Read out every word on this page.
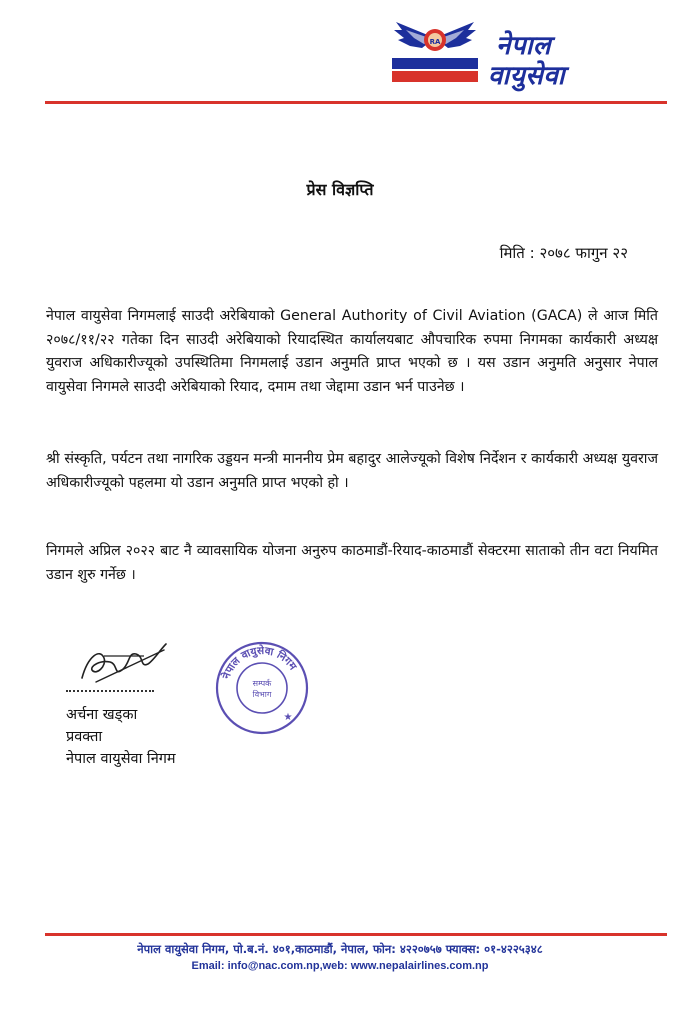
RA नेपाल
वायुसेवा
प्रेस विज्ञप्ति
मिति : २०७८ फागुन २२
नेपाल वायुसेवा निगमलाई साउदी अरेबियाको General Authority of Civil Aviation (GACA) ले आज मिति २०७८/११/२२ गतेका दिन साउदी अरेबियाको रियादस्थित कार्यालयबाट औपचारिक रुपमा निगमका कार्यकारी अध्यक्ष युवराज अधिकारीज्यूको उपस्थितिमा निगमलाई उडान अनुमति प्राप्त भएको छ । यस उडान अनुमति अनुसार नेपाल वायुसेवा निगमले साउदी अरेबियाको रियाद, दमाम तथा जेद्दामा उडान भर्न पाउनेछ ।
श्री संस्कृति, पर्यटन तथा नागरिक उड्डयन मन्त्री माननीय प्रेम बहादुर आलेज्यूको विशेष निर्देशन र कार्यकारी अध्यक्ष युवराज अधिकारीज्यूको पहलमा यो उडान अनुमति प्राप्त भएको हो ।
निगमले अप्रिल २०२२ बाट नै व्यावसायिक योजना अनुरुप काठमाडौं-रियाद-काठमाडौं सेक्टरमा साताको तीन वटा नियमित उडान शुरु गर्नेछ ।
अर्चना खड्का
प्रवक्ता
नेपाल वायुसेवा निगम
नेपाल वायुसेवा निगम
सम्पर्क
विभाग
★
नेपाल वायुसेवा निगम, पो.ब.नं. ४०१,काठमाडौं, नेपाल, फोन: ४२२०७५७ फ्याक्स: ०१-४२२५३४८
Email: info@nac.com.np,web: www.nepalairlines.com.np
